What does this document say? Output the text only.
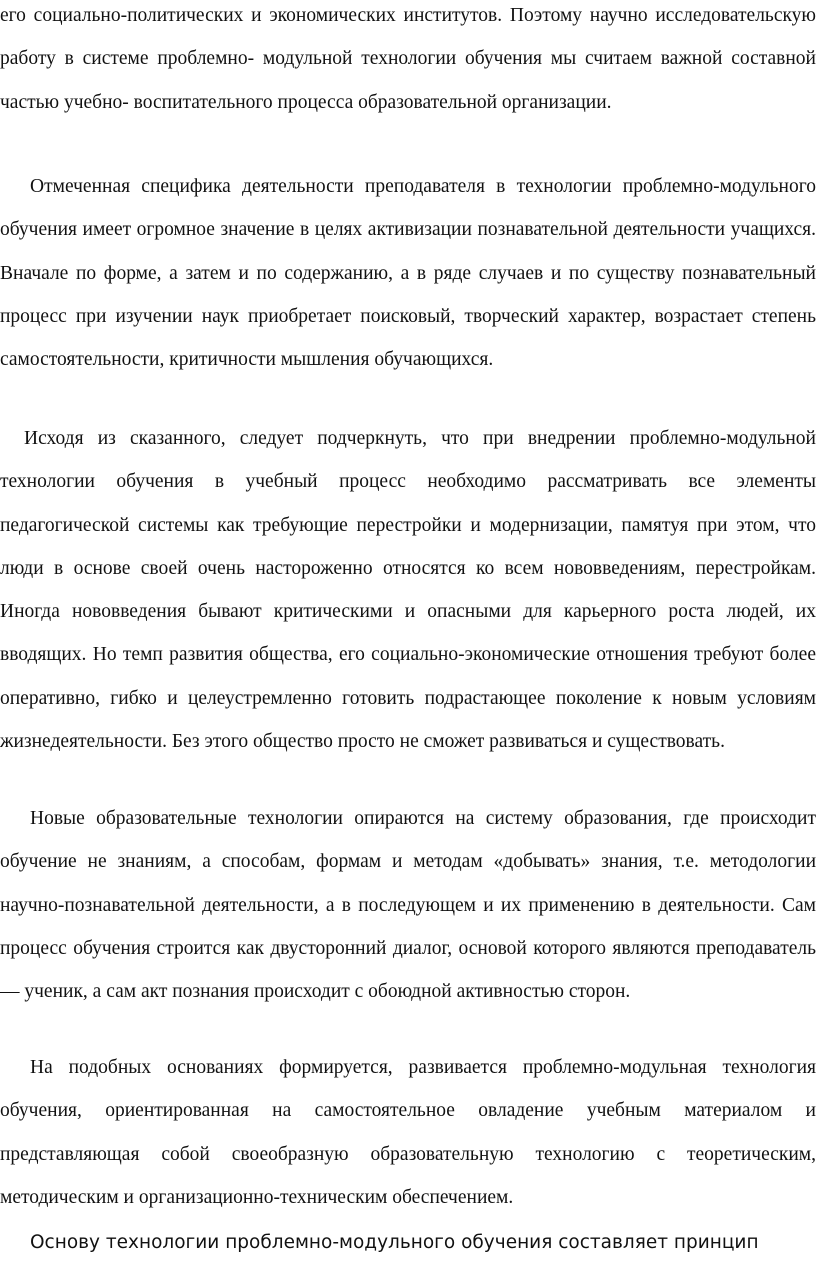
его социально-политических и экономических институтов. Поэтому научно исследовательскую работу в системе проблемно- модульной технологии обучения мы считаем важной составной частью учебно- воспитательного процесса образовательной организации.

Отмеченная специфика деятельности преподавателя в технологии проблемно-модульного обучения имеет огромное значение в целях активизации познавательной деятельности учащихся. Вначале по форме, а затем и по содержанию, а в ряде случаев и по существу познавательный процесс при изучении наук приобретает поисковый, творческий характер, возрастает степень самостоятельности, критичности мышления обучающихся.

Исходя из сказанного, следует подчеркнуть, что при внедрении проблемно-модульной технологии обучения в учебный процесс необходимо рассматривать все элементы педагогической системы как требующие перестройки и модернизации, памятуя при этом, что люди в основе своей очень настороженно относятся ко всем нововведениям, перестройкам. Иногда нововведения бывают критическими и опасными для карьерного роста людей, их вводящих. Но темп развития общества, его социально-экономические отношения требуют более оперативно, гибко и целеустремленно готовить подрастающее поколение к новым условиям жизнедеятельности. Без этого общество просто не сможет развиваться и существовать.

Новые образовательные технологии опираются на систему образования, где происходит обучение не знаниям, а способам, формам и методам «добывать» знания, т.е. методологии научно-познавательной деятельности, а в последующем и их применению в деятельности. Сам процесс обучения строится как двусторонний диалог, основой которого являются преподаватель — ученик, а сам акт познания происходит с обоюдной активностью сторон.

На подобных основаниях формируется, развивается проблемно-модульная технология обучения, ориентированная на самостоятельное овладение учебным материалом и представляющая собой своеобразную образовательную технологию с теоретическим, методическим и организационно-техническим обеспечением.

Основу технологии проблемно-модульного обучения составляет принцип
